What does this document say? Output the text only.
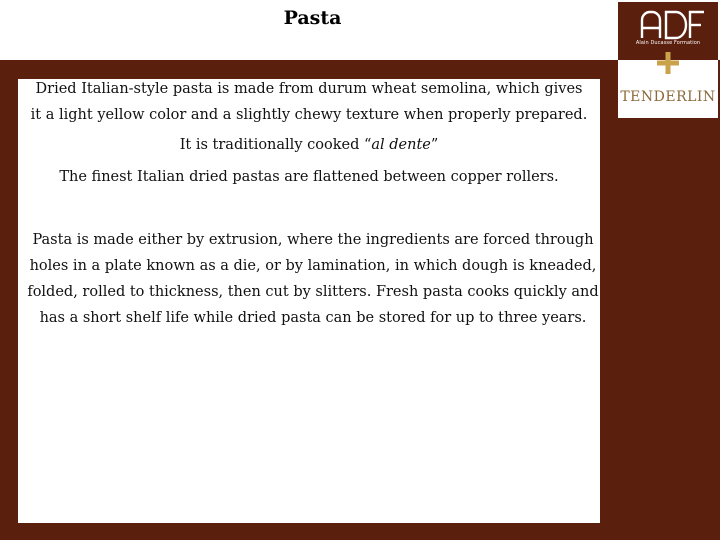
Pasta
Alain Ducasse Formation
TENDERLIN

Dried Italian-style pasta is made from durum wheat semolina, which gives it a light yellow color and a slightly chewy texture when properly prepared.

It is traditionally cooked “al dente”

The finest Italian dried pastas are flattened between copper rollers.

Pasta is made either by extrusion, where the ingredients are forced through holes in a plate known as a die, or by lamination, in which dough is kneaded, folded, rolled to thickness, then cut by slitters. Fresh pasta cooks quickly and has a short shelf life while dried pasta can be stored for up to three years.
